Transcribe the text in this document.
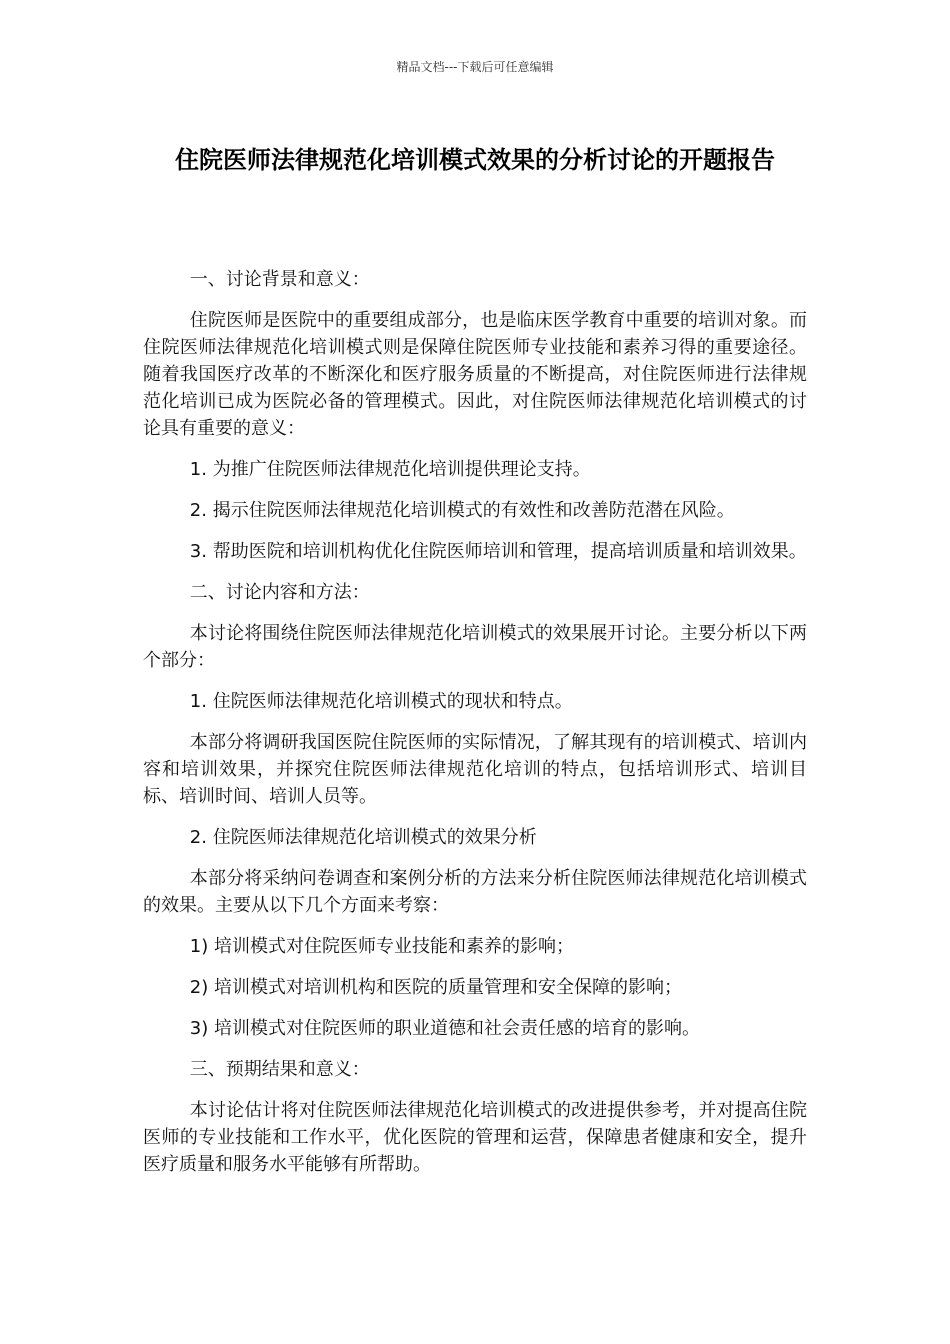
精品文档---下载后可任意编辑
住院医师法律规范化培训模式效果的分析讨论的开题报告

一、讨论背景和意义：

住院医师是医院中的重要组成部分，也是临床医学教育中重要的培训对象。而住院医师法律规范化培训模式则是保障住院医师专业技能和素养习得的重要途径。随着我国医疗改革的不断深化和医疗服务质量的不断提高，对住院医师进行法律规范化培训已成为医院必备的管理模式。因此，对住院医师法律规范化培训模式的讨论具有重要的意义：

1. 为推广住院医师法律规范化培训提供理论支持。

2. 揭示住院医师法律规范化培训模式的有效性和改善防范潜在风险。

3. 帮助医院和培训机构优化住院医师培训和管理，提高培训质量和培训效果。

二、讨论内容和方法：

本讨论将围绕住院医师法律规范化培训模式的效果展开讨论。主要分析以下两个部分：

1. 住院医师法律规范化培训模式的现状和特点。

本部分将调研我国医院住院医师的实际情况，了解其现有的培训模式、培训内容和培训效果，并探究住院医师法律规范化培训的特点，包括培训形式、培训目标、培训时间、培训人员等。

2. 住院医师法律规范化培训模式的效果分析

本部分将采纳问卷调查和案例分析的方法来分析住院医师法律规范化培训模式的效果。主要从以下几个方面来考察：

1) 培训模式对住院医师专业技能和素养的影响；

2) 培训模式对培训机构和医院的质量管理和安全保障的影响；

3) 培训模式对住院医师的职业道德和社会责任感的培育的影响。

三、预期结果和意义：

本讨论估计将对住院医师法律规范化培训模式的改进提供参考，并对提高住院医师的专业技能和工作水平，优化医院的管理和运营，保障患者健康和安全，提升医疗质量和服务水平能够有所帮助。
